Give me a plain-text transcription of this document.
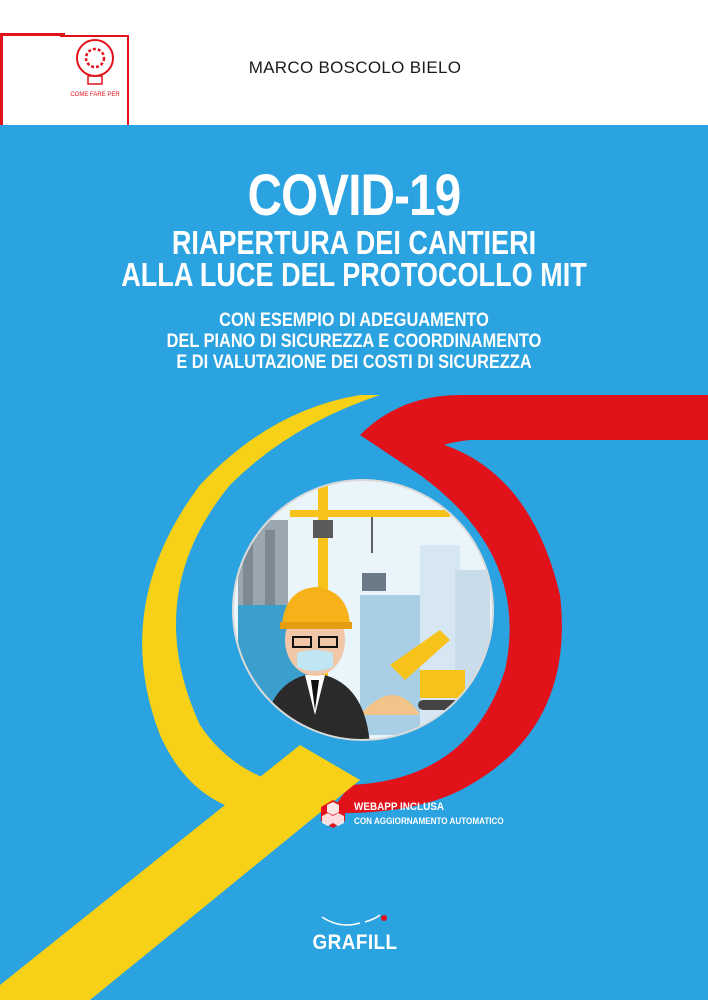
COME FARE PER
MARCO BOSCOLO BIELO
COVID-19
RIAPERTURA DEI CANTIERI
ALLA LUCE DEL PROTOCOLLO MIT
CON ESEMPIO DI ADEGUAMENTO
DEL PIANO DI SICUREZZA E COORDINAMENTO
E DI VALUTAZIONE DEI COSTI DI SICUREZZA
WEBAPP INCLUSA
CON AGGIORNAMENTO AUTOMATICO
GRAFILL
